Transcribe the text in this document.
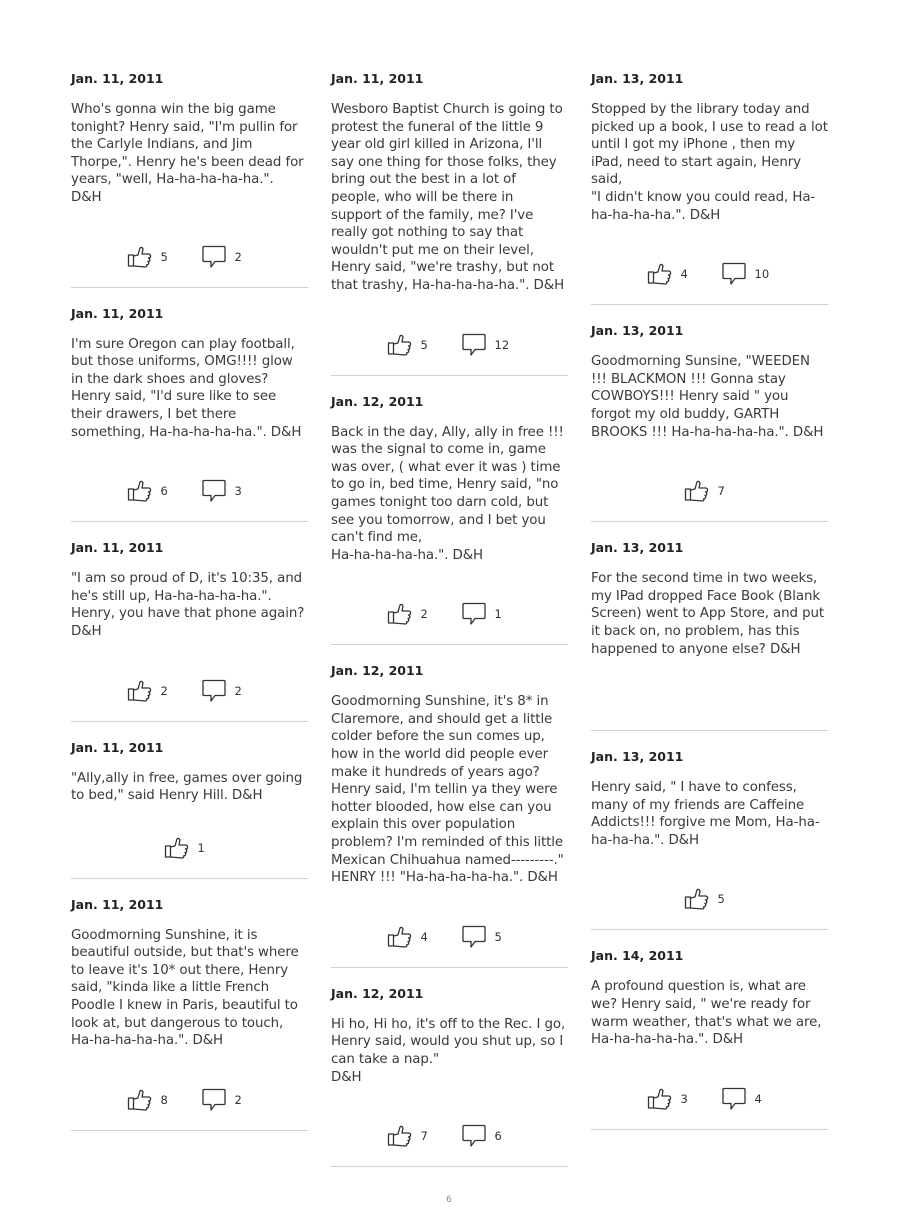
Jan. 11, 2011
Who's gonna win the big game tonight? Henry said, "I'm pullin for the Carlyle Indians, and Jim Thorpe,". Henry he's been dead for years, "well, Ha-ha-ha-ha-ha.". D&H
5	2
Jan. 11, 2011
I'm sure Oregon can play football, but those uniforms, OMG!!!! glow in the dark shoes and gloves? Henry said, "I'd sure like to see their drawers, I bet there something, Ha-ha-ha-ha-ha.". D&H
6	3
Jan. 11, 2011
"I am so proud of D, it's 10:35, and he's still up, Ha-ha-ha-ha-ha.". Henry, you have that phone again? D&H
2	2
Jan. 11, 2011
"Ally,ally in free, games over going to bed," said Henry Hill. D&H
1
Jan. 11, 2011
Goodmorning Sunshine, it is beautiful outside, but that's where to leave it's 10* out there, Henry said, "kinda like a little French Poodle I knew in Paris, beautiful to look at, but dangerous to touch, Ha-ha-ha-ha-ha.". D&H
8	2
Jan. 11, 2011
Wesboro Baptist Church is going to protest the funeral of the little 9 year old girl killed in Arizona, I'll say one thing for those folks, they bring out the best in a lot of people, who will be there in support of the family, me? I've really got nothing to say that wouldn't put me on their level, Henry said, "we're trashy, but not that trashy, Ha-ha-ha-ha-ha.". D&H
5	12
Jan. 12, 2011
Back in the day, Ally, ally in free !!! was the signal to come in, game was over, ( what ever it was ) time to go in, bed time, Henry said, "no games tonight too darn cold, but see you tomorrow, and I bet you can't find me,
Ha-ha-ha-ha-ha.". D&H
2	1
Jan. 12, 2011
Goodmorning Sunshine, it's 8* in Claremore, and should get a little colder before the sun comes up, how in the world did people ever make it hundreds of years ago? Henry said, I'm tellin ya they were hotter blooded, how else can you explain this over population problem? I'm reminded of this little Mexican Chihuahua named---------." HENRY !!! "Ha-ha-ha-ha-ha.". D&H
4	5
Jan. 12, 2011
Hi ho, Hi ho, it's off to the Rec. I go, Henry said, would you shut up, so I can take a nap."
D&H
7	6
Jan. 13, 2011
Stopped by the library today and picked up a book, I use to read a lot until I got my iPhone , then my iPad, need to start again, Henry said,
"I didn't know you could read, Ha-ha-ha-ha-ha.". D&H
4	10
Jan. 13, 2011
Goodmorning Sunsine, "WEEDEN !!! BLACKMON !!! Gonna stay COWBOYS!!! Henry said " you forgot my old buddy, GARTH BROOKS !!! Ha-ha-ha-ha-ha.". D&H
7
Jan. 13, 2011
For the second time in two weeks, my IPad dropped Face Book (Blank Screen) went to App Store, and put it back on, no problem, has this happened to anyone else? D&H
Jan. 13, 2011
Henry said, " I have to confess, many of my friends are Caffeine Addicts!!! forgive me Mom, Ha-ha-ha-ha-ha.". D&H
5
Jan. 14, 2011
A profound question is, what are we? Henry said, " we're ready for warm weather, that's what we are, Ha-ha-ha-ha-ha.". D&H
3	4
6
